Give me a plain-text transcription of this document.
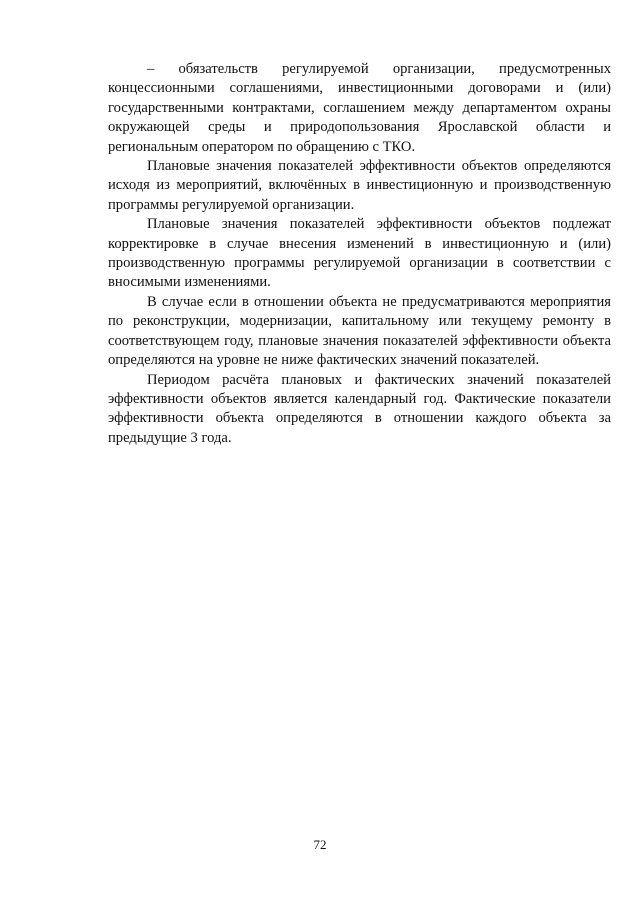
– обязательств регулируемой организации, предусмотренных концессионными соглашениями, инвестиционными договорами и (или) государственными контрактами, соглашением между департаментом охраны окружающей среды и природопользования Ярославской области и региональным оператором по обращению с ТКО.

Плановые значения показателей эффективности объектов определяются исходя из мероприятий, включённых в инвестиционную и производственную программы регулируемой организации.

Плановые значения показателей эффективности объектов подлежат корректировке в случае внесения изменений в инвестиционную и (или) производственную программы регулируемой организации в соответствии с вносимыми изменениями.

В случае если в отношении объекта не предусматриваются мероприятия по реконструкции, модернизации, капитальному или текущему ремонту в соответствующем году, плановые значения показателей эффективности объекта определяются на уровне не ниже фактических значений показателей.

Периодом расчёта плановых и фактических значений показателей эффективности объектов является календарный год. Фактические показатели эффективности объекта определяются в отношении каждого объекта за предыдущие 3 года.

72
